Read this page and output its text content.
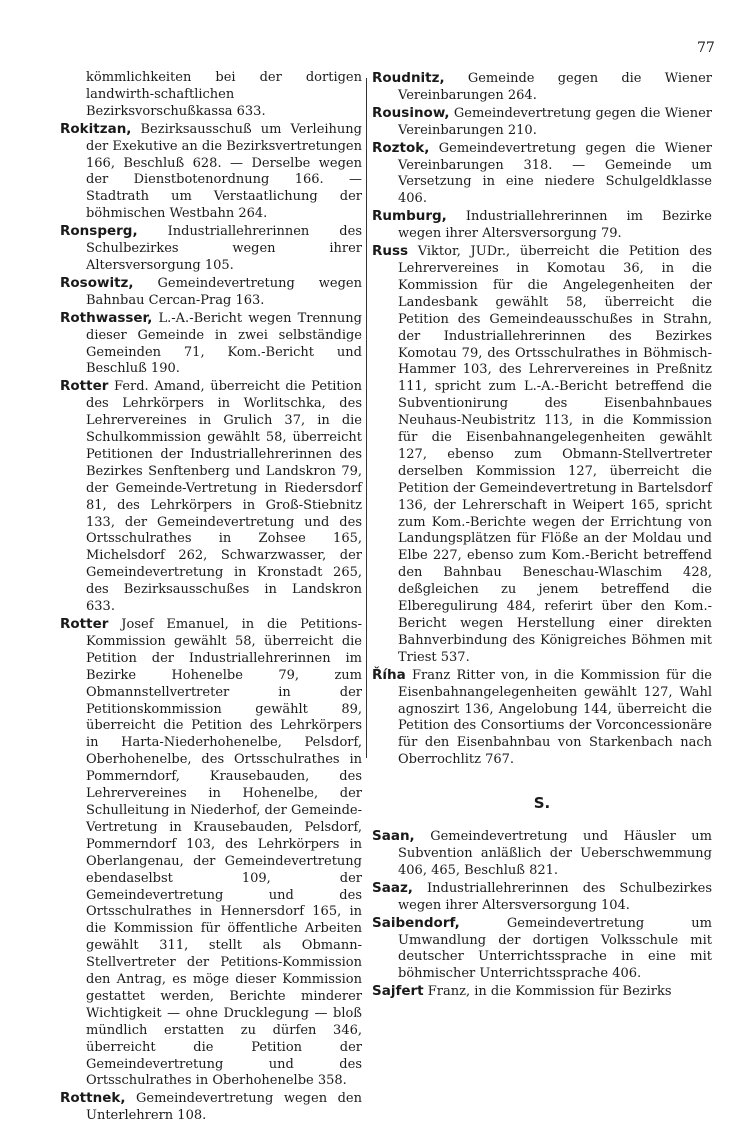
77
kömmlichkeiten bei der dortigen landwirth-schaftlichen Bezirksvorschußkassa 633.
Rokitzan, Bezirksausschuß um Verleihung der Exekutive an die Bezirksvertretungen 166, Beschluß 628. — Derselbe wegen der Dienstbotenordnung 166. — Stadtrath um Verstaatlichung der böhmischen Westbahn 264.
Ronsperg, Industriallehrerinnen des Schulbezirkes wegen ihrer Altersversorgung 105.
Rosowitz, Gemeindevertretung wegen Bahnbau Cercan-Prag 163.
Rothwasser, L.-A.-Bericht wegen Trennung dieser Gemeinde in zwei selbständige Gemeinden 71, Kom.-Bericht und Beschluß 190.
Rotter Ferd. Amand, überreicht die Petition des Lehrkörpers in Worlitschka, des Lehrervereines in Grulich 37, in die Schulkommission gewählt 58, überreicht Petitionen der Industriallehrerinnen des Bezirkes Senftenberg und Landskron 79, der Gemeinde-Vertretung in Riedersdorf 81, des Lehrkörpers in Groß-Stiebnitz 133, der Gemeindevertretung und des Ortsschulrathes in Zohsee 165, Michelsdorf 262, Schwarzwasser, der Gemeindevertretung in Kronstadt 265, des Bezirksausschußes in Landskron 633.
Rotter Josef Emanuel, in die Petitions-Kommission gewählt 58, überreicht die Petition der Industriallehrerinnen im Bezirke Hohenelbe 79, zum Obmannstellvertreter in der Petitionskommission gewählt 89, überreicht die Petition des Lehrkörpers in Harta-Niederhohenelbe, Pelsdorf, Oberhohenelbe, des Ortsschulrathes in Pommerndorf, Krausebauden, des Lehrervereines in Hohenelbe, der Schulleitung in Niederhof, der Gemeinde-Vertretung in Krausebauden, Pelsdorf, Pommerndorf 103, des Lehrkörpers in Oberlangenau, der Gemeindevertretung ebendaselbst 109, der Gemeindevertretung und des Ortsschulrathes in Hennersdorf 165, in die Kommission für öffentliche Arbeiten gewählt 311, stellt als Obmann-Stellvertreter der Petitions-Kommission den Antrag, es möge dieser Kommission gestattet werden, Berichte minderer Wichtigkeit — ohne Drucklegung — bloß mündlich erstatten zu dürfen 346, überreicht die Petition der Gemeindevertretung und des Ortsschulrathes in Oberhohenelbe 358.
Rottnek, Gemeindevertretung wegen den Unterlehrern 108.
Roudnitz, Gemeinde gegen die Wiener Vereinbarungen 264.
Rousinow, Gemeindevertretung gegen die Wiener Vereinbarungen 210.
Roztok, Gemeindevertretung gegen die Wiener Vereinbarungen 318. — Gemeinde um Versetzung in eine niedere Schulgeldklasse 406.
Rumburg, Industriallehrerinnen im Bezirke wegen ihrer Altersversorgung 79.
Russ Viktor, JUDr., überreicht die Petition des Lehrervereines in Komotau 36, in die Kommission für die Angelegenheiten der Landesbank gewählt 58, überreicht die Petition des Gemeindeausschußes in Strahn, der Industriallehrerinnen des Bezirkes Komotau 79, des Ortsschulrathes in Böhmisch-Hammer 103, des Lehrervereines in Preßnitz 111, spricht zum L.-A.-Bericht betreffend die Subventionirung des Eisenbahnbaues Neuhaus-Neubistritz 113, in die Kommission für die Eisenbahnangelegenheiten gewählt 127, ebenso zum Obmann-Stellvertreter derselben Kommission 127, überreicht die Petition der Gemeindevertretung in Bartelsdorf 136, der Lehrerschaft in Weipert 165, spricht zum Kom.-Berichte wegen der Errichtung von Landungsplätzen für Flöße an der Moldau und Elbe 227, ebenso zum Kom.-Bericht betreffend den Bahnbau Beneschau-Wlaschim 428, deßgleichen zu jenem betreffend die Elberegulirung 484, referirt über den Kom.-Bericht wegen Herstellung einer direkten Bahnverbindung des Königreiches Böhmen mit Triest 537.
Říha Franz Ritter von, in die Kommission für die Eisenbahnangelegenheiten gewählt 127, Wahl agnoszirt 136, Angelobung 144, überreicht die Petition des Consortiums der Vorconcessionäre für den Eisenbahnbau von Starkenbach nach Oberrochlitz 767.
S.
Saan, Gemeindevertretung und Häusler um Subvention anläßlich der Ueberschwemmung 406, 465, Beschluß 821.
Saaz, Industriallehrerinnen des Schulbezirkes wegen ihrer Altersversorgung 104.
Saibendorf,	Gemeindevertretung um Umwandlung der dortigen Volksschule mit deutscher Unterrichtssprache in eine mit böhmischer Unterrichtssprache 406.
Sajfert Franz, in die Kommission für Bezirks
